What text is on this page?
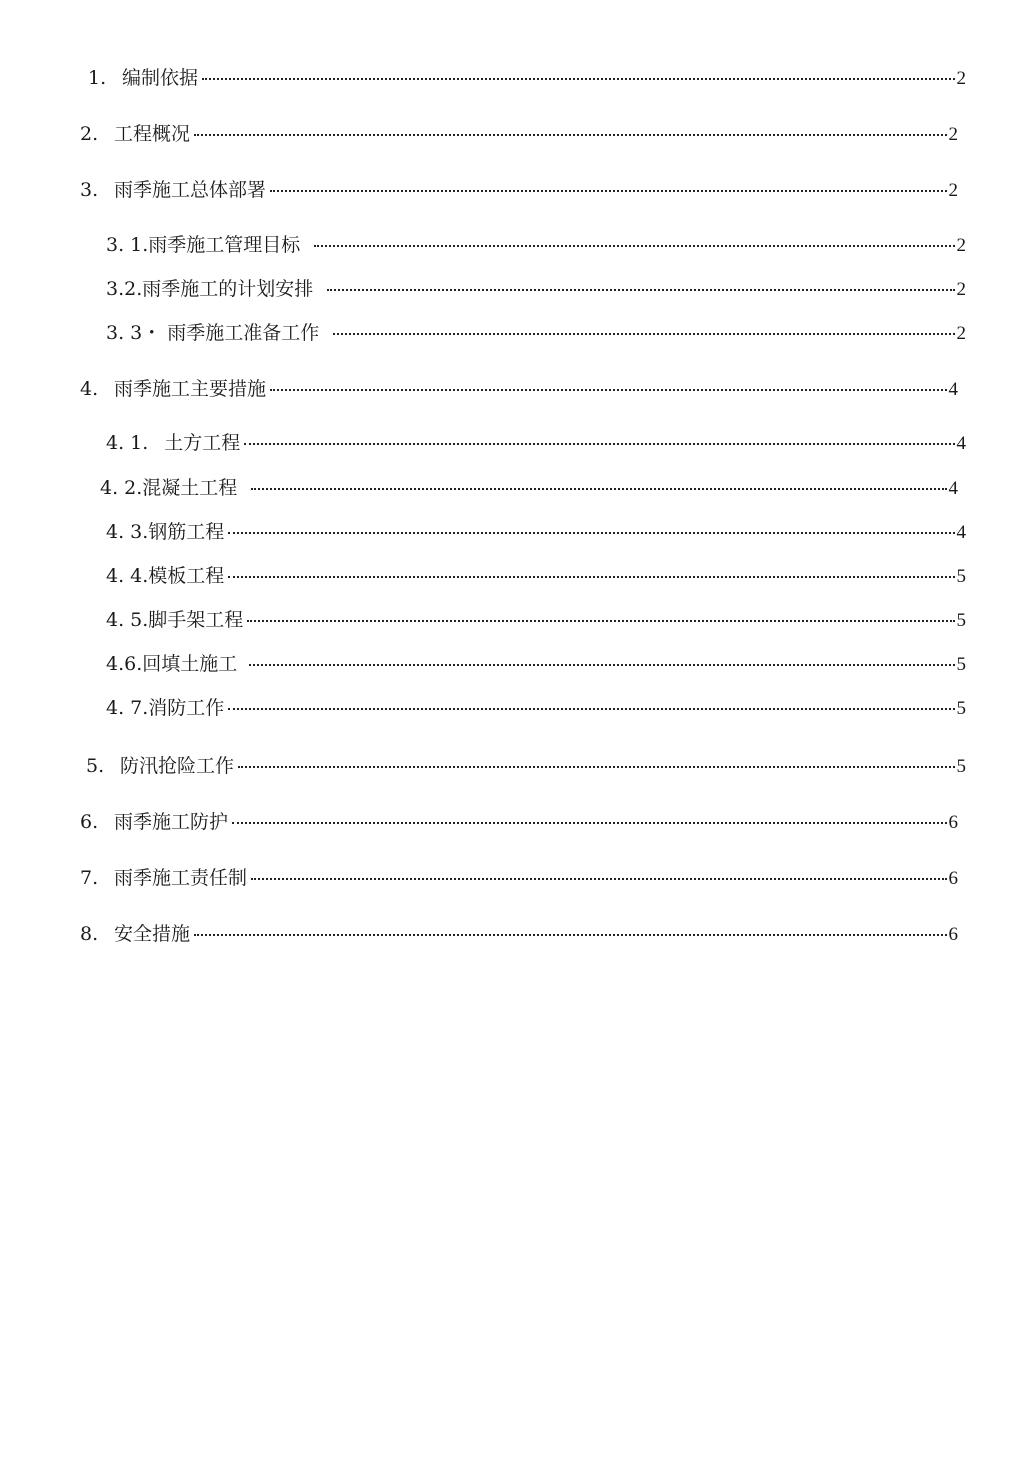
1. 编制依据	2
2. 工程概况	2
3. 雨季施工总体部署	2
3. 1. 雨季施工管理目标	2
3.2. 雨季施工的计划安排	2
3. 3・ 雨季施工准备工作	2
4. 雨季施工主要措施	4
4. 1. 土方工程	4
4. 2. 混凝土工程	4
4. 3. 钢筋工程	4
4. 4. 模板工程	5
4. 5. 脚手架工程	5
4.6. 回填土施工	5
4. 7. 消防工作	5
5. 防汛抢险工作	5
6. 雨季施工防护	6
7. 雨季施工责任制	6
8. 安全措施	6
